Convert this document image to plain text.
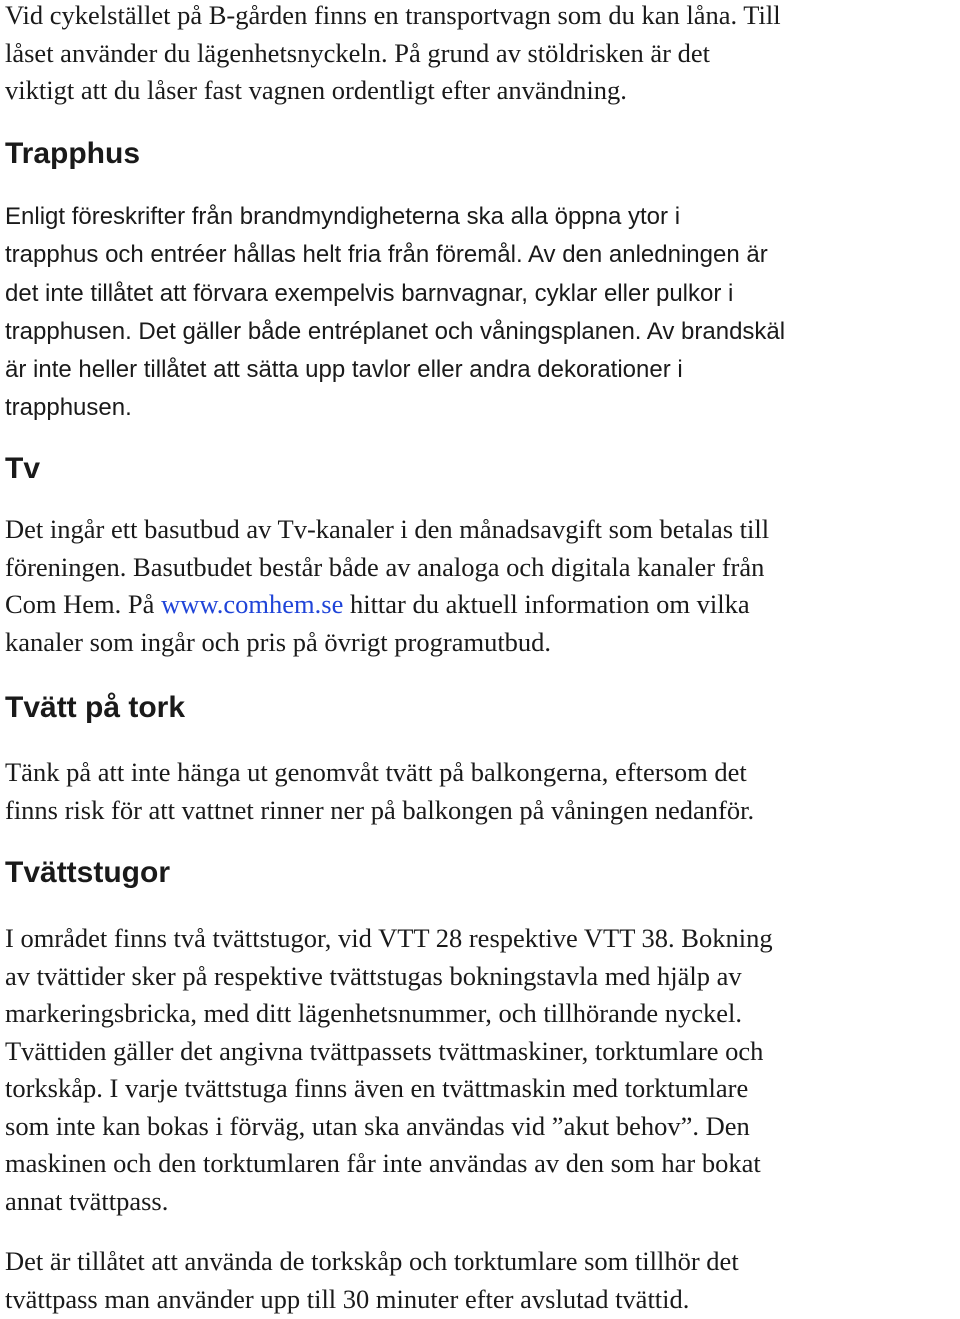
Vid cykelstället på B-gården finns en transportvagn som du kan låna. Till
låset använder du lägenhetsnyckeln. På grund av stöldrisken är det
viktigt att du låser fast vagnen ordentligt efter användning.

Trapphus

Enligt föreskrifter från brandmyndigheterna ska alla öppna ytor i
trapphus och entréer hållas helt fria från föremål. Av den anledningen är
det inte tillåtet att förvara exempelvis barnvagnar, cyklar eller pulkor i
trapphusen. Det gäller både entréplanet och våningsplanen. Av brandskäl
är inte heller tillåtet att sätta upp tavlor eller andra dekorationer i
trapphusen.

Tv

Det ingår ett basutbud av Tv-kanaler i den månadsavgift som betalas till
föreningen. Basutbudet består både av analoga och digitala kanaler från
Com Hem. På www.comhem.se hittar du aktuell information om vilka
kanaler som ingår och pris på övrigt programutbud.

Tvätt på tork

Tänk på att inte hänga ut genomvåt tvätt på balkongerna, eftersom det
finns risk för att vattnet rinner ner på balkongen på våningen nedanför.

Tvättstugor

I området finns två tvättstugor, vid VTT 28 respektive VTT 38. Bokning
av tvättider sker på respektive tvättstugas bokningstavla med hjälp av
markeringsbricka, med ditt lägenhetsnummer, och tillhörande nyckel.
Tvättiden gäller det angivna tvättpassets tvättmaskiner, torktumlare och
torkskåp. I varje tvättstuga finns även en tvättmaskin med torktumlare
som inte kan bokas i förväg, utan ska användas vid ”akut behov”. Den
maskinen och den torktumlaren får inte användas av den som har bokat
annat tvättpass.

Det är tillåtet att använda de torkskåp och torktumlare som tillhör det
tvättpass man använder upp till 30 minuter efter avslutad tvättid.
